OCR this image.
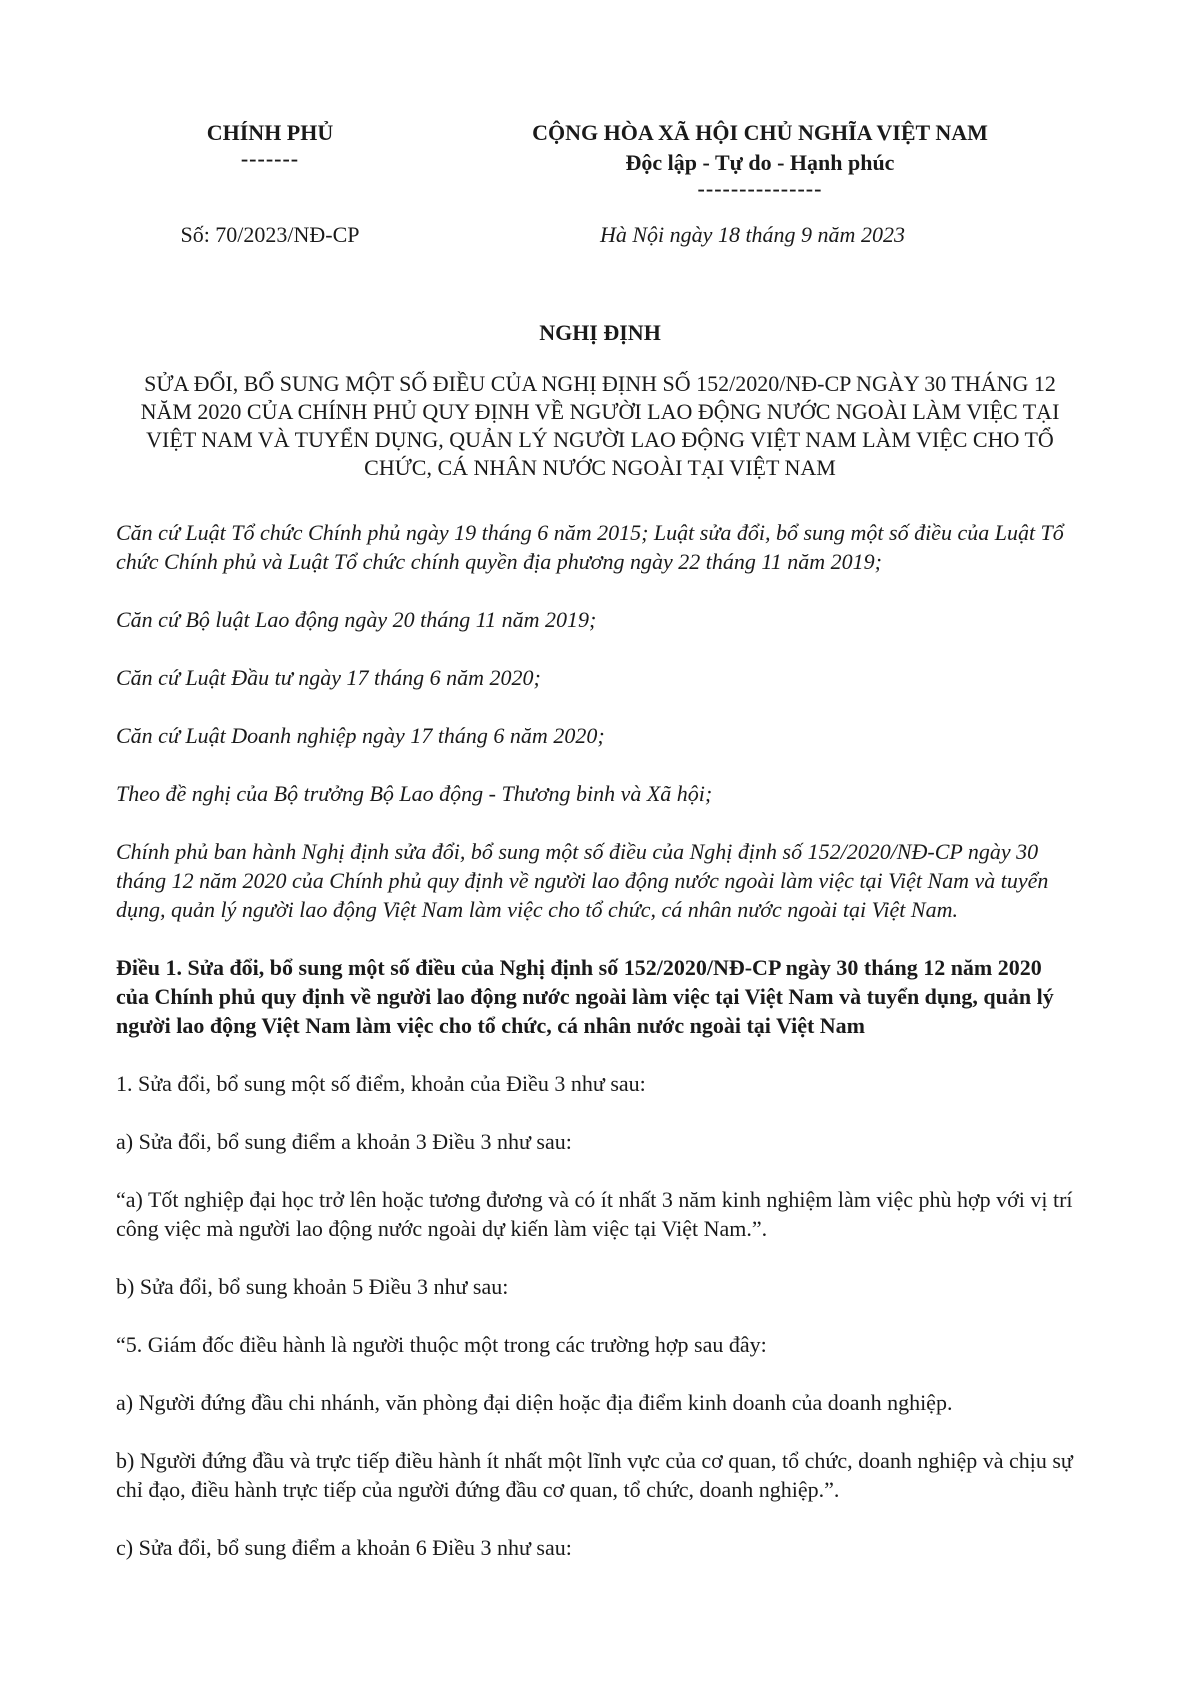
CHÍNH PHỦ
-------
CỘNG HÒA XÃ HỘI CHỦ NGHĨA VIỆT NAM
Độc lập - Tự do - Hạnh phúc
---------------
Số: 70/2023/NĐ-CP	Hà Nội ngày 18 tháng 9 năm 2023
NGHỊ ĐỊNH
SỬA ĐỔI, BỔ SUNG MỘT SỐ ĐIỀU CỦA NGHỊ ĐỊNH SỐ 152/2020/NĐ-CP NGÀY 30 THÁNG 12 NĂM 2020 CỦA CHÍNH PHỦ QUY ĐỊNH VỀ NGƯỜI LAO ĐỘNG NƯỚC NGOÀI LÀM VIỆC TẠI VIỆT NAM VÀ TUYỂN DỤNG, QUẢN LÝ NGƯỜI LAO ĐỘNG VIỆT NAM LÀM VIỆC CHO TỔ CHỨC, CÁ NHÂN NƯỚC NGOÀI TẠI VIỆT NAM

Căn cứ Luật Tổ chức Chính phủ ngày 19 tháng 6 năm 2015; Luật sửa đổi, bổ sung một số điều của Luật Tổ chức Chính phủ và Luật Tổ chức chính quyền địa phương ngày 22 tháng 11 năm 2019;

Căn cứ Bộ luật Lao động ngày 20 tháng 11 năm 2019;

Căn cứ Luật Đầu tư ngày 17 tháng 6 năm 2020;

Căn cứ Luật Doanh nghiệp ngày 17 tháng 6 năm 2020;

Theo đề nghị của Bộ trưởng Bộ Lao động - Thương binh và Xã hội;

Chính phủ ban hành Nghị định sửa đổi, bổ sung một số điều của Nghị định số 152/2020/NĐ-CP ngày 30 tháng 12 năm 2020 của Chính phủ quy định về người lao động nước ngoài làm việc tại Việt Nam và tuyển dụng, quản lý người lao động Việt Nam làm việc cho tổ chức, cá nhân nước ngoài tại Việt Nam.

Điều 1. Sửa đổi, bổ sung một số điều của Nghị định số 152/2020/NĐ-CP ngày 30 tháng 12 năm 2020 của Chính phủ quy định về người lao động nước ngoài làm việc tại Việt Nam và tuyển dụng, quản lý người lao động Việt Nam làm việc cho tổ chức, cá nhân nước ngoài tại Việt Nam

1. Sửa đổi, bổ sung một số điểm, khoản của Điều 3 như sau:

a) Sửa đổi, bổ sung điểm a khoản 3 Điều 3 như sau:

“a) Tốt nghiệp đại học trở lên hoặc tương đương và có ít nhất 3 năm kinh nghiệm làm việc phù hợp với vị trí công việc mà người lao động nước ngoài dự kiến làm việc tại Việt Nam.”.

b) Sửa đổi, bổ sung khoản 5 Điều 3 như sau:

“5. Giám đốc điều hành là người thuộc một trong các trường hợp sau đây:

a) Người đứng đầu chi nhánh, văn phòng đại diện hoặc địa điểm kinh doanh của doanh nghiệp.

b) Người đứng đầu và trực tiếp điều hành ít nhất một lĩnh vực của cơ quan, tổ chức, doanh nghiệp và chịu sự chỉ đạo, điều hành trực tiếp của người đứng đầu cơ quan, tổ chức, doanh nghiệp.”.

c) Sửa đổi, bổ sung điểm a khoản 6 Điều 3 như sau:
